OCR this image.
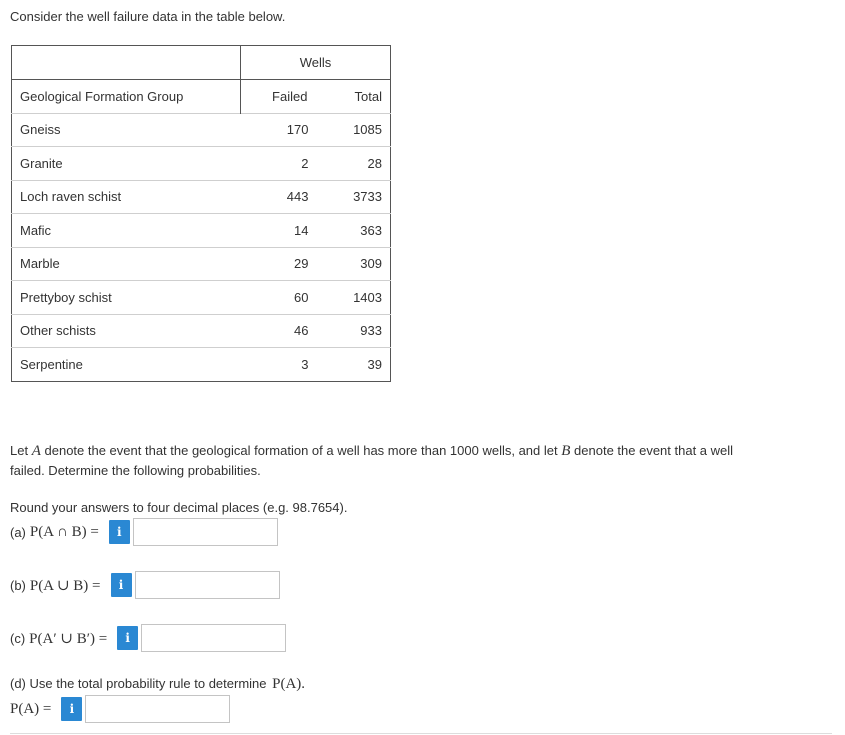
Consider the well failure data in the table below.
	Wells	
Geological Formation Group	Failed	Total
Gneiss	170	1085
Granite	2	28
Loch raven schist	443	3733
Mafic	14	363
Marble	29	309
Prettyboy schist	60	1403
Other schists	46	933
Serpentine	3	39
Let A denote the event that the geological formation of a well has more than 1000 wells, and let B denote the event that a well
failed. Determine the following probabilities.
Round your answers to four decimal places (e.g. 98.7654).
(a) P(A ∩ B) =	i
(b) P(A ∪ B) =	i
(c) P(A′ ∪ B′) =	i
(d) Use the total probability rule to determine P(A).
P(A) =	i
